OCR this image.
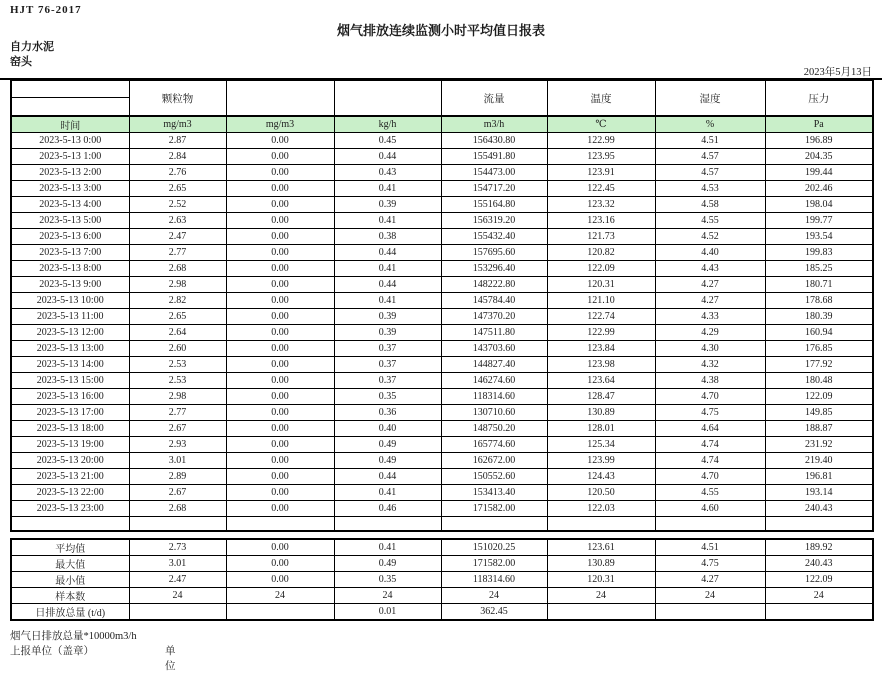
HJT 76-2017
烟气排放连续监测小时平均值日报表
自力水泥
窑头
2023年5月13日
	颗粒物			流量	温度	湿度	压力
时间	mg/m3	mg/m3	kg/h	m3/h	℃	%	Pa
2023-5-13 0:00	2.87	0.00	0.45	156430.80	122.99	4.51	196.89
2023-5-13 1:00	2.84	0.00	0.44	155491.80	123.95	4.57	204.35
2023-5-13 2:00	2.76	0.00	0.43	154473.00	123.91	4.57	199.44
2023-5-13 3:00	2.65	0.00	0.41	154717.20	122.45	4.53	202.46
2023-5-13 4:00	2.52	0.00	0.39	155164.80	123.32	4.58	198.04
2023-5-13 5:00	2.63	0.00	0.41	156319.20	123.16	4.55	199.77
2023-5-13 6:00	2.47	0.00	0.38	155432.40	121.73	4.52	193.54
2023-5-13 7:00	2.77	0.00	0.44	157695.60	120.82	4.40	199.83
2023-5-13 8:00	2.68	0.00	0.41	153296.40	122.09	4.43	185.25
2023-5-13 9:00	2.98	0.00	0.44	148222.80	120.31	4.27	180.71
2023-5-13 10:00	2.82	0.00	0.41	145784.40	121.10	4.27	178.68
2023-5-13 11:00	2.65	0.00	0.39	147370.20	122.74	4.33	180.39
2023-5-13 12:00	2.64	0.00	0.39	147511.80	122.99	4.29	160.94
2023-5-13 13:00	2.60	0.00	0.37	143703.60	123.84	4.30	176.85
2023-5-13 14:00	2.53	0.00	0.37	144827.40	123.98	4.32	177.92
2023-5-13 15:00	2.53	0.00	0.37	146274.60	123.64	4.38	180.48
2023-5-13 16:00	2.98	0.00	0.35	118314.60	128.47	4.70	122.09
2023-5-13 17:00	2.77	0.00	0.36	130710.60	130.89	4.75	149.85
2023-5-13 18:00	2.67	0.00	0.40	148750.20	128.01	4.64	188.87
2023-5-13 19:00	2.93	0.00	0.49	165774.60	125.34	4.74	231.92
2023-5-13 20:00	3.01	0.00	0.49	162672.00	123.99	4.74	219.40
2023-5-13 21:00	2.89	0.00	0.44	150552.60	124.43	4.70	196.81
2023-5-13 22:00	2.67	0.00	0.41	153413.40	120.50	4.55	193.14
2023-5-13 23:00	2.68	0.00	0.46	171582.00	122.03	4.60	240.43

平均值	2.73	0.00	0.41	151020.25	123.61	4.51	189.92
最大值	3.01	0.00	0.49	171582.00	130.89	4.75	240.43
最小值	2.47	0.00	0.35	118314.60	120.31	4.27	122.09
样本数	24	24	24	24	24	24	24
日排放总量 (t/d)			0.01	362.45			
烟气日排放总量*10000m3/h
上报单位（盖章）	单位
